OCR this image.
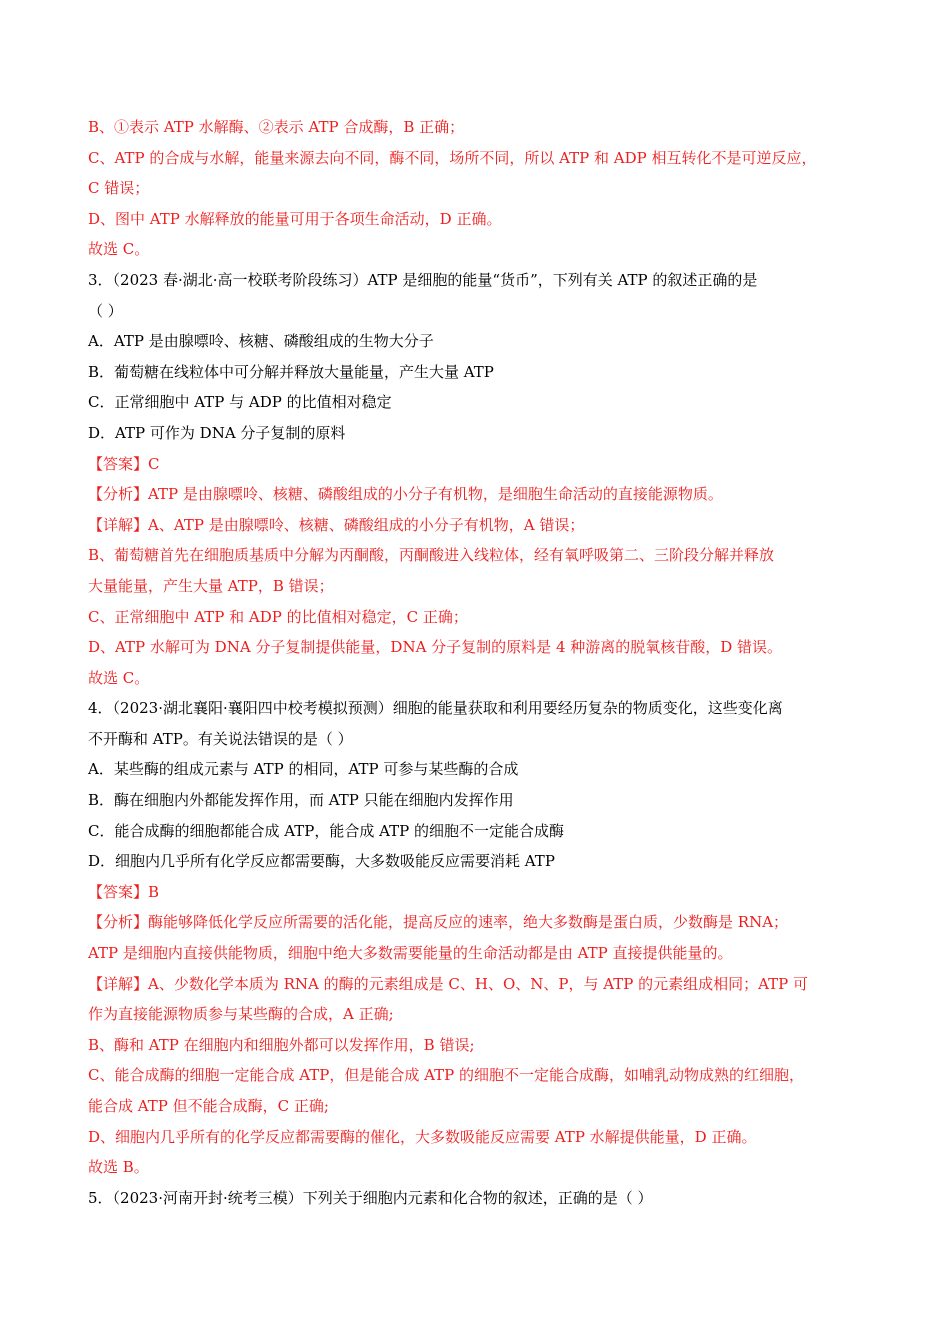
B、①表示 ATP 水解酶、②表示 ATP 合成酶，B 正确；
C、ATP 的合成与水解，能量来源去向不同，酶不同，场所不同，所以 ATP 和 ADP 相互转化不是可逆反应，
C 错误；
D、图中 ATP 水解释放的能量可用于各项生命活动，D 正确。
故选 C。
3．（2023 春·湖北·高一校联考阶段练习）ATP 是细胞的能量“货币”，下列有关 ATP 的叙述正确的是
（ ）
A．ATP 是由腺嘌呤、核糖、磷酸组成的生物大分子
B．葡萄糖在线粒体中可分解并释放大量能量，产生大量 ATP
C．正常细胞中 ATP 与 ADP 的比值相对稳定
D．ATP 可作为 DNA 分子复制的原料
【答案】C
【分析】ATP 是由腺嘌呤、核糖、磷酸组成的小分子有机物，是细胞生命活动的直接能源物质。
【详解】A、ATP 是由腺嘌呤、核糖、磷酸组成的小分子有机物，A 错误；
B、葡萄糖首先在细胞质基质中分解为丙酮酸，丙酮酸进入线粒体，经有氧呼吸第二、三阶段分解并释放
大量能量，产生大量 ATP，B 错误；
C、正常细胞中 ATP 和 ADP 的比值相对稳定，C 正确；
D、ATP 水解可为 DNA 分子复制提供能量，DNA 分子复制的原料是 4 种游离的脱氧核苷酸，D 错误。
故选 C。
4．（2023·湖北襄阳·襄阳四中校考模拟预测）细胞的能量获取和利用要经历复杂的物质变化，这些变化离
不开酶和 ATP。有关说法错误的是（ ）
A．某些酶的组成元素与 ATP 的相同，ATP 可参与某些酶的合成
B．酶在细胞内外都能发挥作用，而 ATP 只能在细胞内发挥作用
C．能合成酶的细胞都能合成 ATP，能合成 ATP 的细胞不一定能合成酶
D．细胞内几乎所有化学反应都需要酶，大多数吸能反应需要消耗 ATP
【答案】B
【分析】酶能够降低化学反应所需要的活化能，提高反应的速率，绝大多数酶是蛋白质，少数酶是 RNA；
ATP 是细胞内直接供能物质，细胞中绝大多数需要能量的生命活动都是由 ATP 直接提供能量的。
【详解】A、少数化学本质为 RNA 的酶的元素组成是 C、H、O、N、P，与 ATP 的元素组成相同；ATP 可
作为直接能源物质参与某些酶的合成，A 正确;
B、酶和 ATP 在细胞内和细胞外都可以发挥作用，B 错误;
C、能合成酶的细胞一定能合成 ATP，但是能合成 ATP 的细胞不一定能合成酶，如哺乳动物成熟的红细胞，
能合成 ATP 但不能合成酶，C 正确;
D、细胞内几乎所有的化学反应都需要酶的催化，大多数吸能反应需要 ATP 水解提供能量，D 正确。
故选 B。
5．（2023·河南开封·统考三模）下列关于细胞内元素和化合物的叙述，正确的是（ ）
